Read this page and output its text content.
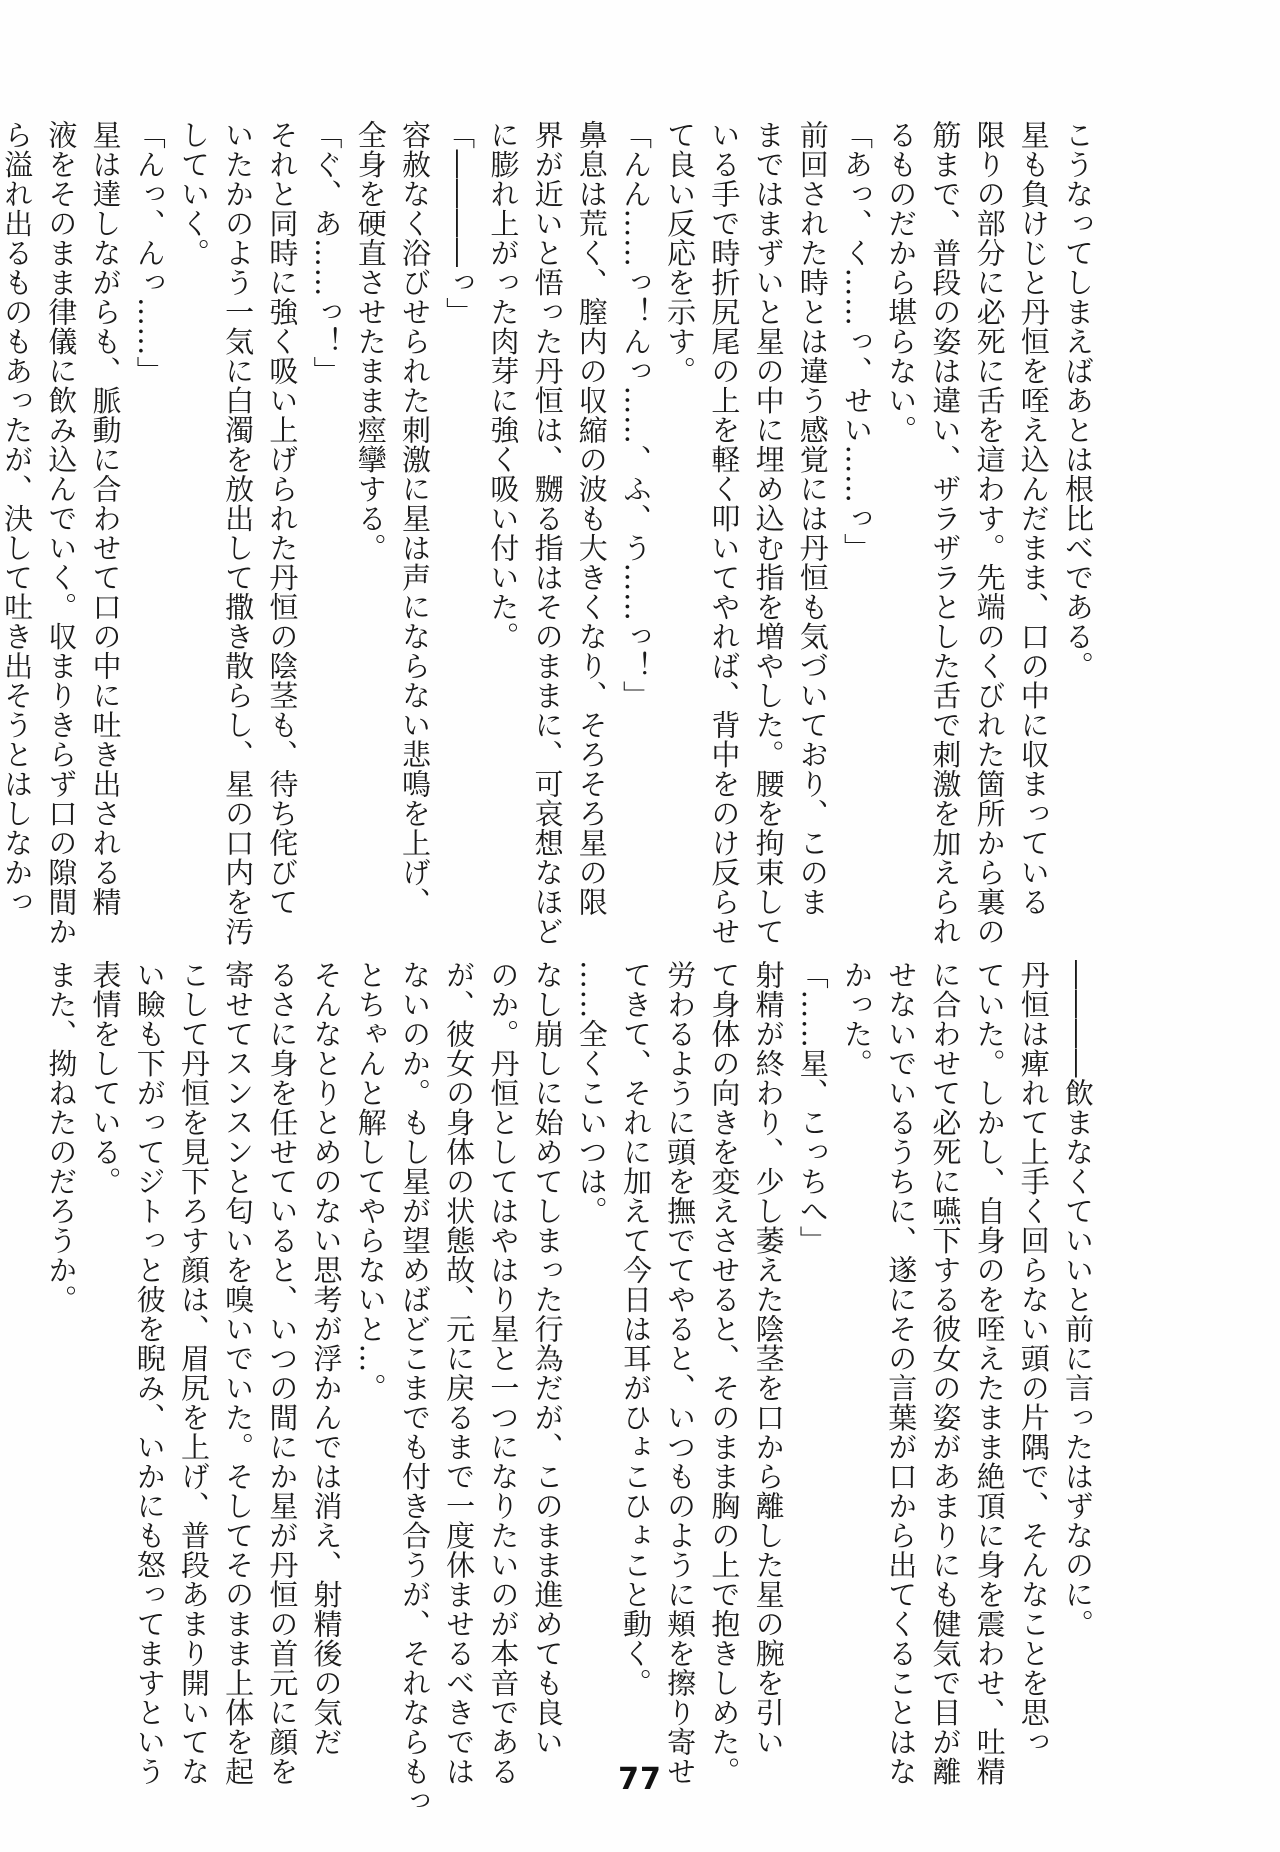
こうなってしまえばあとは根比べである。
星も負けじと丹恒を咥え込んだまま、口の中に収まっている
限りの部分に必死に舌を這わす。先端のくびれた箇所から裏の
筋まで、普段の姿は違い、ザラザラとした舌で刺激を加えられ
るものだから堪らない。
「あっ、く……っ、せい……っ」
前回された時とは違う感覚には丹恒も気づいており、このま
まではまずいと星の中に埋め込む指を増やした。腰を拘束して
いる手で時折尻尾の上を軽く叩いてやれば、背中をのけ反らせ
て良い反応を示す。
「んん……っ！んっ……、ふ、う……っ！」
鼻息は荒く、膣内の収縮の波も大きくなり、そろそろ星の限
界が近いと悟った丹恒は、嬲る指はそのままに、可哀想なほど
に膨れ上がった肉芽に強く吸い付いた。
「――――っ」
容赦なく浴びせられた刺激に星は声にならない悲鳴を上げ、
全身を硬直させたまま痙攣する。
「ぐ、あ……っ！」
それと同時に強く吸い上げられた丹恒の陰茎も、待ち侘びて
いたかのよう一気に白濁を放出して撒き散らし、星の口内を汚
していく。
「んっ、んっ……」
星は達しながらも、脈動に合わせて口の中に吐き出される精
液をそのまま律儀に飲み込んでいく。収まりきらず口の隙間か
ら溢れ出るものもあったが、決して吐き出そうとはしなかっ
――――飲まなくていいと前に言ったはずなのに。
丹恒は痺れて上手く回らない頭の片隅で、そんなことを思っ
ていた。しかし、自身のを咥えたまま絶頂に身を震わせ、吐精
に合わせて必死に嚥下する彼女の姿があまりにも健気で目が離
せないでいるうちに、遂にその言葉が口から出てくることはな
かった。
「……星、こっちへ」
射精が終わり、少し萎えた陰茎を口から離した星の腕を引い
て身体の向きを変えさせると、そのまま胸の上で抱きしめた。
労わるように頭を撫でてやると、いつものように頬を擦り寄せ
てきて、それに加えて今日は耳がひょこひょこと動く。
……全くこいつは。
なし崩しに始めてしまった行為だが、このまま進めても良い
のか。丹恒としてはやはり星と一つになりたいのが本音である
が、彼女の身体の状態故、元に戻るまで一度休ませるべきでは
ないのか。もし星が望めばどこまでも付き合うが、それならもっ
とちゃんと解してやらないと…。
そんなとりとめのない思考が浮かんでは消え、射精後の気だ
るさに身を任せていると、いつの間にか星が丹恒の首元に顔を
寄せてスンスンと匂いを嗅いでいた。そしてそのまま上体を起
こして丹恒を見下ろす顔は、眉尻を上げ、普段あまり開いてな
い瞼も下がってジトっと彼を睨み、いかにも怒ってますという
表情をしている。
また、拗ねたのだろうか。
77
